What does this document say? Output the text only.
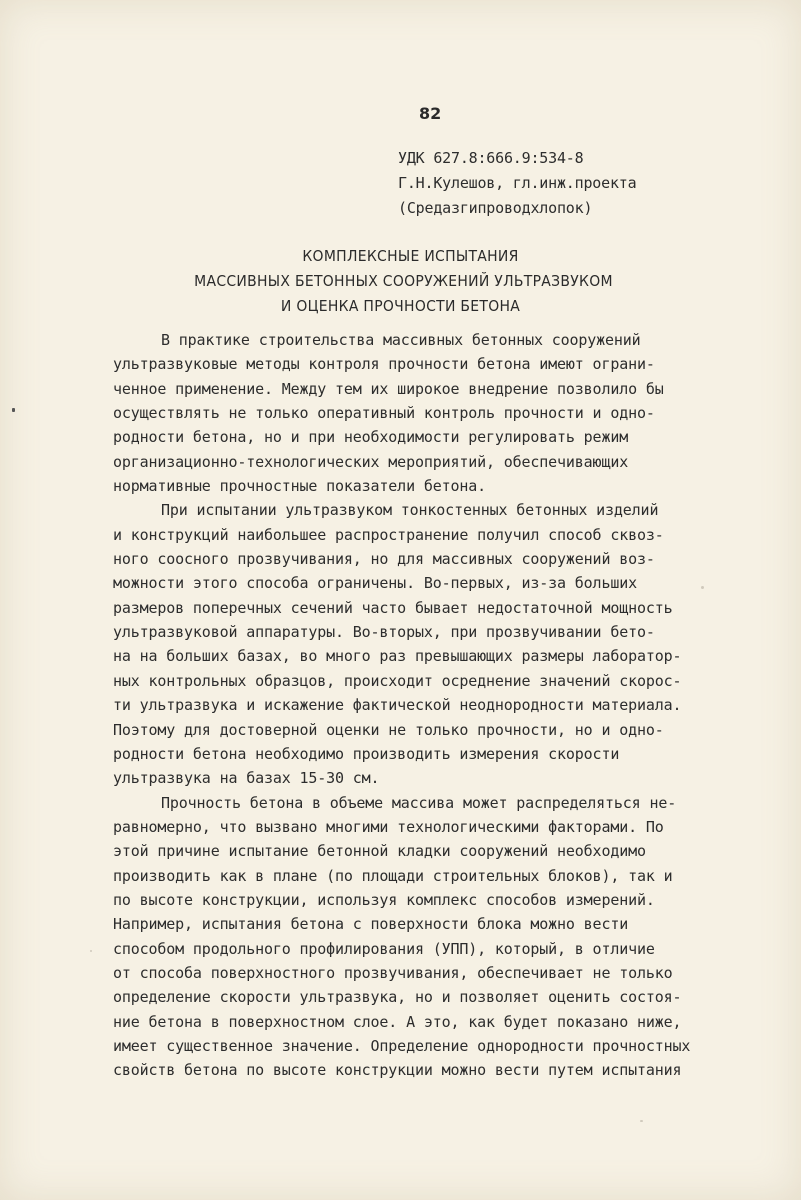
82
УДК 627.8:666.9:534-8
Г.Н.Кулешов, гл.инж.проекта
(Средазгипроводхлопок)
КОМПЛЕКСНЫЕ ИСПЫТАНИЯ
МАССИВНЫХ БЕТОННЫХ СООРУЖЕНИЙ УЛЬТРАЗВУКОМ
И ОЦЕНКА ПРОЧНОСТИ БЕТОНА
В практике строительства массивных бетонных сооружений
ультразвуковые методы контроля прочности бетона имеют ограни-
ченное применение. Между тем их широкое внедрение позволило бы
осуществлять не только оперативный контроль прочности и одно-
родности бетона, но и при необходимости регулировать режим
организационно-технологических мероприятий, обеспечивающих
нормативные прочностные показатели бетона.
При испытании ультразвуком тонкостенных бетонных изделий
и конструкций наибольшее распространение получил способ сквоз-
ного соосного прозвучивания, но для массивных сооружений воз-
можности этого способа ограничены. Во-первых, из-за больших
размеров поперечных сечений часто бывает недостаточной мощность
ультразвуковой аппаратуры. Во-вторых, при прозвучивании бето-
на на больших базах, во много раз превышающих размеры лаборатор-
ных контрольных образцов, происходит осреднение значений скорос-
ти ультразвука и искажение фактической неоднородности материала.
Поэтому для достоверной оценки не только прочности, но и одно-
родности бетона необходимо производить измерения скорости
ультразвука на базах 15-30 см.
Прочность бетона в объеме массива может распределяться не-
равномерно, что вызвано многими технологическими факторами. По
этой причине испытание бетонной кладки сооружений необходимо
производить как в плане (по площади строительных блоков), так и
по высоте конструкции, используя комплекс способов измерений.
Например, испытания бетона с поверхности блока можно вести
способом продольного профилирования (УПП), который, в отличие
от способа поверхностного прозвучивания, обеспечивает не только
определение скорости ультразвука, но и позволяет оценить состоя-
ние бетона в поверхностном слое. А это, как будет показано ниже,
имеет существенное значение. Определение однородности прочностных
свойств бетона по высоте конструкции можно вести путем испытания
